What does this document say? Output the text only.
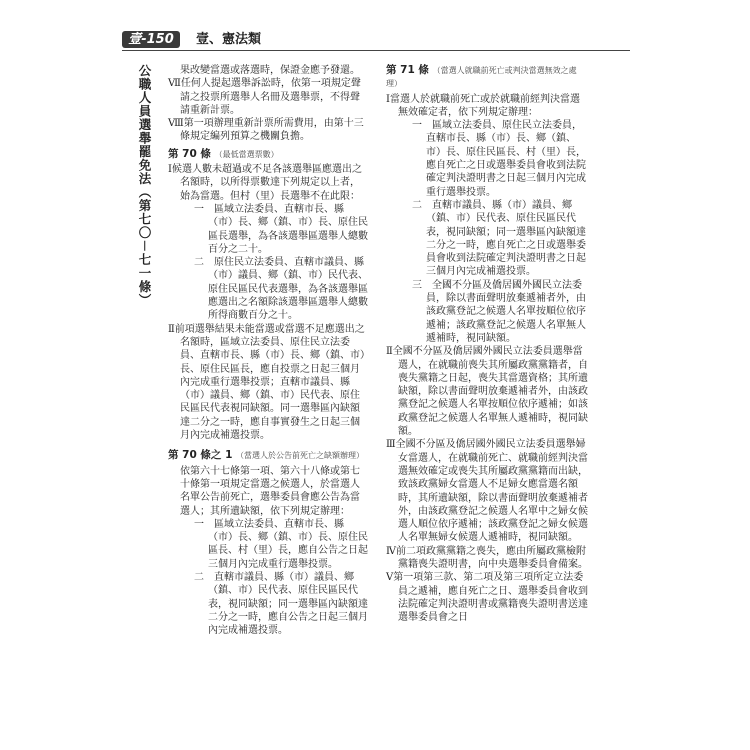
壹-150	壹、憲法類
公職人員選舉罷免法（第七〇－七一條）	果改變當選或落選時，保證金應予發還。

Ⅶ任何人提起選舉訴訟時，依第一項規定聲請之投票所選舉人名冊及選舉票，不得聲請重新計票。

Ⅷ第一項辦理重新計票所需費用，由第十三條規定編列預算之機關負擔。

第 70 條 （最低當選票數）

Ⅰ候選人數未超過或不足各該選舉區應選出之名額時，以所得票數達下列規定以上者，始為當選。但村（里）長選舉不在此限：

一　區域立法委員、直轄市長、縣（市）長、鄉（鎮、市）長、原住民區長選舉，為各該選舉區選舉人總數百分之二十。

二　原住民立法委員、直轄市議員、縣（市）議員、鄉（鎮、市）民代表、原住民區民代表選舉，為各該選舉區應選出之名額除該選舉區選舉人總數所得商數百分之十。

Ⅱ前項選舉結果未能當選或當選不足應選出之名額時，區域立法委員、原住民立法委員、直轄市長、縣（市）長、鄉（鎮、市）長、原住民區長，應自投票之日起三個月內完成重行選舉投票；直轄市議員、縣（市）議員、鄉（鎮、市）民代表、原住民區民代表視同缺額。同一選舉區內缺額達二分之一時，應自事實發生之日起三個月內完成補選投票。

第 70 條之 1 （當選人於公告前死亡之缺額辦理）

依第六十七條第一項、第六十八條或第七十條第一項規定當選之候選人，於當選人名單公告前死亡，選舉委員會應公告為當選人；其所遺缺額，依下列規定辦理：

一　區域立法委員、直轄市長、縣（市）長、鄉（鎮、市）長、原住民區長、村（里）長，應自公告之日起三個月內完成重行選舉投票。

二　直轄市議員、縣（市）議員、鄉（鎮、市）民代表、原住民區民代表，視同缺額；同一選舉區內缺額達二分之一時，應自公告之日起三個月內完成補選投票。

第 71 條 （當選人就職前死亡或判決當選無效之處理）

Ⅰ當選人於就職前死亡或於就職前經判決當選無效確定者，依下列規定辦理：

一　區域立法委員、原住民立法委員，直轄市長、縣（市）長、鄉（鎮、市）長、原住民區長、村（里）長，應自死亡之日或選舉委員會收到法院確定判決證明書之日起三個月內完成重行選舉投票。

二　直轄市議員、縣（市）議員、鄉（鎮、市）民代表、原住民區民代表，視同缺額；同一選舉區內缺額達二分之一時，應自死亡之日或選舉委員會收到法院確定判決證明書之日起三個月內完成補選投票。

三　全國不分區及僑居國外國民立法委員，除以書面聲明放棄遞補者外，由該政黨登記之候選人名單按順位依序遞補；該政黨登記之候選人名單無人遞補時，視同缺額。

Ⅱ全國不分區及僑居國外國民立法委員選舉當選人，在就職前喪失其所屬政黨黨籍者，自喪失黨籍之日起，喪失其當選資格；其所遺缺額，除以書面聲明放棄遞補者外，由該政黨登記之候選人名單按順位依序遞補；如該政黨登記之候選人名單無人遞補時，視同缺額。

Ⅲ全國不分區及僑居國外國民立法委員選舉婦女當選人，在就職前死亡、就職前經判決當選無效確定或喪失其所屬政黨黨籍而出缺，致該政黨婦女當選人不足婦女應當選名額時，其所遺缺額，除以書面聲明放棄遞補者外，由該政黨登記之候選人名單中之婦女候選人順位依序遞補；該政黨登記之婦女候選人名單無婦女候選人遞補時，視同缺額。

Ⅳ前二項政黨黨籍之喪失，應由所屬政黨檢附黨籍喪失證明書，向中央選舉委員會備案。

Ⅴ第一項第三款、第二項及第三項所定立法委員之遞補，應自死亡之日、選舉委員會收到法院確定判決證明書或黨籍喪失證明書送達選舉委員會之日
